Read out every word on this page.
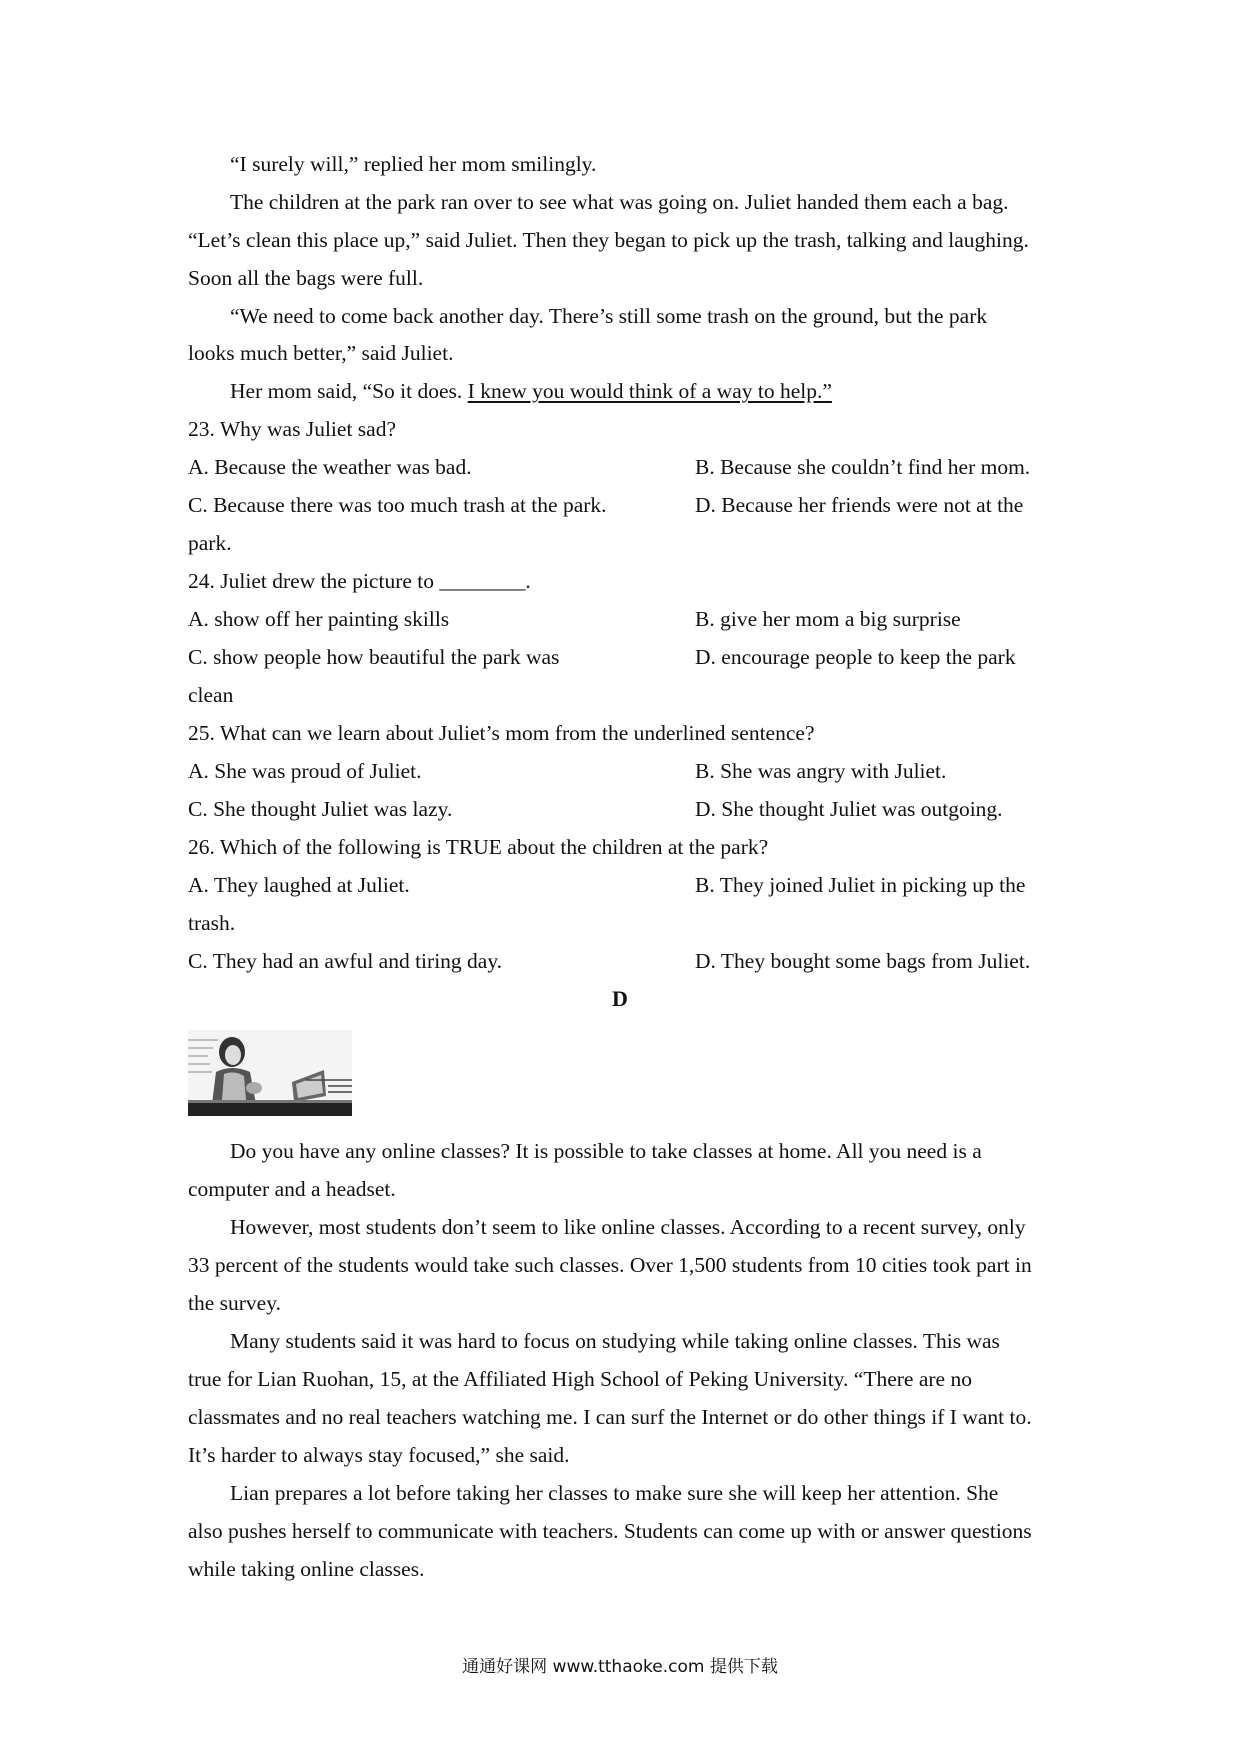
“I surely will,” replied her mom smilingly.
The children at the park ran over to see what was going on. Juliet handed them each a bag.
“Let’s clean this place up,” said Juliet. Then they began to pick up the trash, talking and laughing.
Soon all the bags were full.
“We need to come back another day. There’s still some trash on the ground, but the park
looks much better,” said Juliet.
Her mom said, “So it does. I knew you would think of a way to help.”
23. Why was Juliet sad?
A. Because the weather was bad.	B. Because she couldn’t find her mom.
C. Because there was too much trash at the park.	D. Because her friends were not at the
park.
24. Juliet drew the picture to ________.
A. show off her painting skills	B. give her mom a big surprise
C. show people how beautiful the park was	D. encourage people to keep the park
clean
25. What can we learn about Juliet’s mom from the underlined sentence?
A. She was proud of Juliet.	B. She was angry with Juliet.
C. She thought Juliet was lazy.	D. She thought Juliet was outgoing.
26. Which of the following is TRUE about the children at the park?
A. They laughed at Juliet.	B. They joined Juliet in picking up the
trash.
C. They had an awful and tiring day.	D. They bought some bags from Juliet.
D
Do you have any online classes? It is possible to take classes at home. All you need is a
computer and a headset.
However, most students don’t seem to like online classes. According to a recent survey, only
33 percent of the students would take such classes. Over 1,500 students from 10 cities took part in
the survey.
Many students said it was hard to focus on studying while taking online classes. This was
true for Lian Ruohan, 15, at the Affiliated High School of Peking University. “There are no
classmates and no real teachers watching me. I can surf the Internet or do other things if I want to.
It’s harder to always stay focused,” she said.
Lian prepares a lot before taking her classes to make sure she will keep her attention. She
also pushes herself to communicate with teachers. Students can come up with or answer questions
while taking online classes.
通通好课网 www.tthaoke.com 提供下载
